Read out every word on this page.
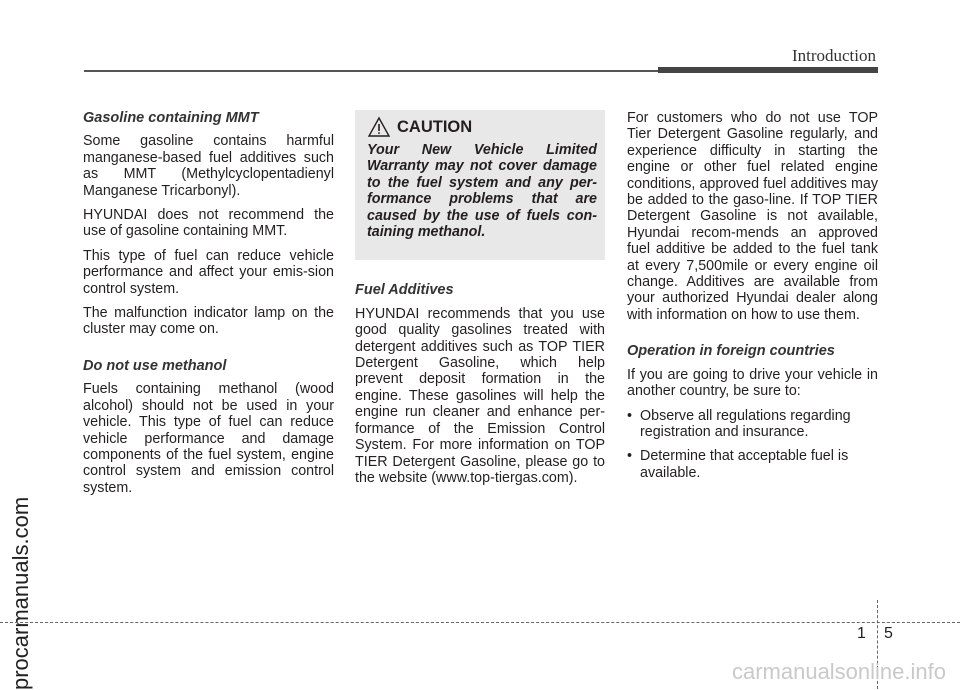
Introduction
procarmanuals.com
Gasoline containing MMT

Some gasoline contains harmful manganese-based fuel additives such as MMT (Methylcyclopentadienyl Manganese Tricarbonyl).

HYUNDAI does not recommend the use of gasoline containing MMT.

This type of fuel can reduce vehicle performance and affect your emis-sion control system.

The malfunction indicator lamp on the cluster may come on.

Do not use methanol

Fuels containing methanol (wood alcohol) should not be used in your vehicle. This type of fuel can reduce vehicle performance and damage components of the fuel system, engine control system and emission control system.

CAUTION

Your New Vehicle Limited Warranty may not cover damage to the fuel system and any per-formance problems that are caused by the use of fuels con-taining methanol.

Fuel Additives

HYUNDAI recommends that you use good quality gasolines treated with detergent additives such as TOP TIER Detergent Gasoline, which help prevent deposit formation in the engine. These gasolines will help the engine run cleaner and enhance per-formance of the Emission Control System. For more information on TOP TIER Detergent Gasoline, please go to the website (www.top-tiergas.com).

For customers who do not use TOP Tier Detergent Gasoline regularly, and experience difficulty in starting the engine or other fuel related engine conditions, approved fuel additives may be added to the gaso-line. If TOP TIER Detergent Gasoline is not available, Hyundai recom-mends an approved fuel additive be added to the fuel tank at every 7,500mile or every engine oil change. Additives are available from your authorized Hyundai dealer along with information on how to use them.

Operation in foreign countries

If you are going to drive your vehicle in another country, be sure to:

• Observe all regulations regarding registration and insurance.
• Determine that acceptable fuel is available.
1 5
carmanualsonline.info
